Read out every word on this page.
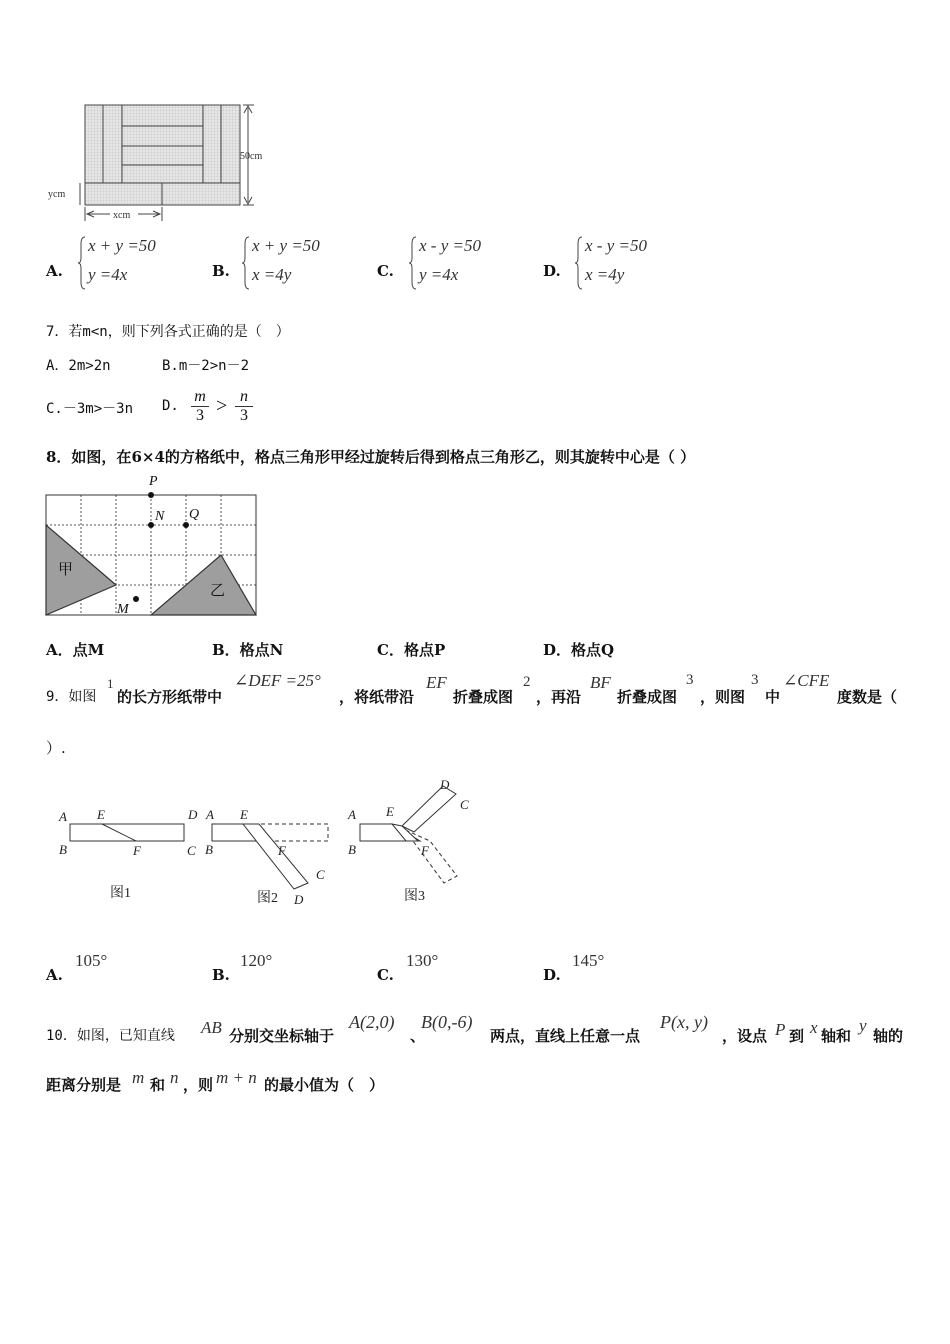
50cm
ycm
xcm
A.
x + y =50
y =4x	B.
x + y =50
x =4y	C.
x - y =50
y =4x	D.
x - y =50
x =4y
7．若m<n，则下列各式正确的是（　）
A．2m>2n	B.m－2>n－2
C.－3m>－3n D.
m
3 > n
3
8．如图，在6×4的方格纸中，格点三角形甲经过旋转后得到格点三角形乙，则其旋转中心是（ ）
甲
乙
P
N Q
M
A．点M	B．格点N	C．格点P	D．格点Q
9．如图
1
的长方形纸带中
∠DEF =25°
，将纸带沿
EF
折叠成图
2
，再沿
BF
折叠成图
3
，则图
3
中
∠CFE
度数是（
）.
A E	D
B	F	C
图1
A E
B	F
C
D
图2
A E
B	F
D
C
图3
A.
105°
B.
120°
C.
130°
D.
145°
10．如图，已知直线 AB 分别交坐标轴于
A(2,0)
、
B(0,-6)
两点，直线上任意一点
P(x, y)
，设点 P 到 x 轴和
y
轴的
距离分别是 m 和 n ，则 m + n 的最小值为（　）
